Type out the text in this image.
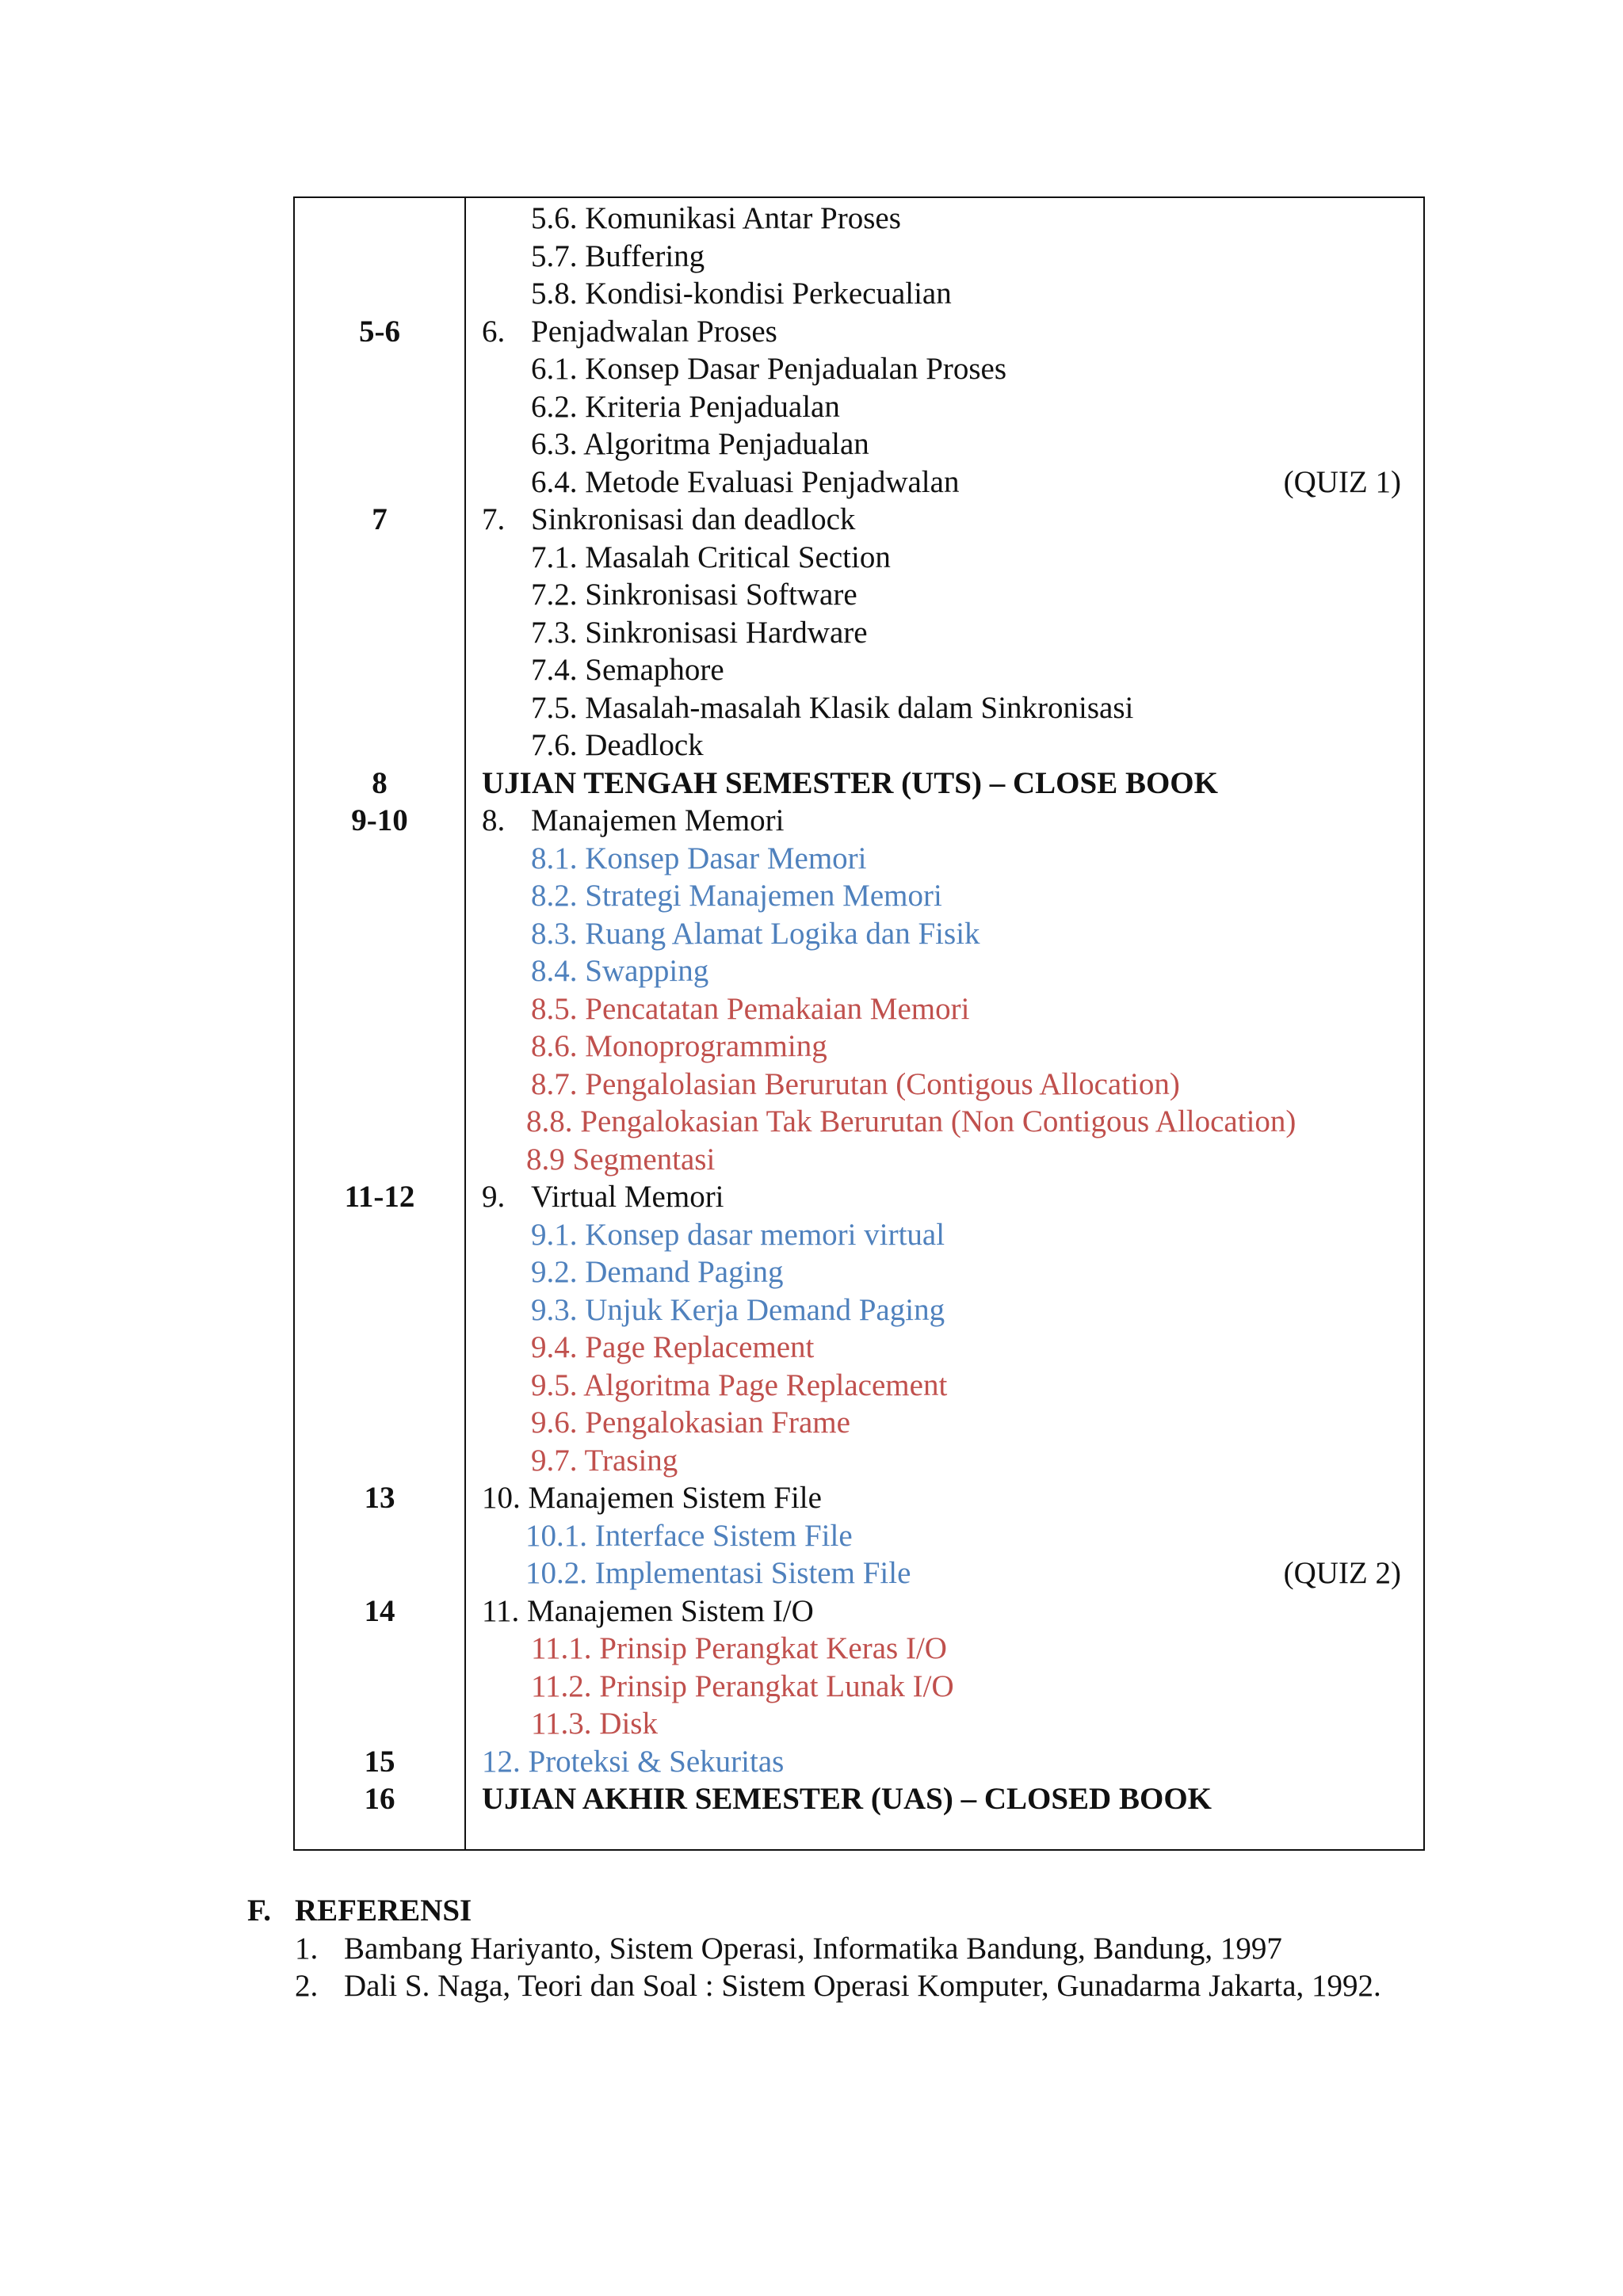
5.6. Komunikasi Antar Proses
5.7. Buffering
5.8. Kondisi-kondisi Perkecualian
5-6	6. Penjadwalan Proses
6.1. Konsep Dasar Penjadualan Proses
6.2. Kriteria Penjadualan
6.3. Algoritma Penjadualan
6.4. Metode Evaluasi Penjadwalan	(QUIZ 1)
7	7. Sinkronisasi dan deadlock
7.1. Masalah Critical Section
7.2. Sinkronisasi Software
7.3. Sinkronisasi Hardware
7.4. Semaphore
7.5. Masalah-masalah Klasik dalam Sinkronisasi
7.6. Deadlock
8	UJIAN TENGAH SEMESTER (UTS) – CLOSE BOOK
9-10	8. Manajemen Memori
8.1. Konsep Dasar Memori
8.2. Strategi Manajemen Memori
8.3. Ruang Alamat Logika dan Fisik
8.4. Swapping
8.5. Pencatatan Pemakaian Memori
8.6. Monoprogramming
8.7. Pengalolasian Berurutan (Contigous Allocation)
8.8. Pengalokasian Tak Berurutan (Non Contigous Allocation)
8.9 Segmentasi
11-12	9. Virtual Memori
9.1. Konsep dasar memori virtual
9.2. Demand Paging
9.3. Unjuk Kerja Demand Paging
9.4. Page Replacement
9.5. Algoritma Page Replacement
9.6. Pengalokasian Frame
9.7. Trasing
13	10. Manajemen Sistem File
10.1. Interface Sistem File
10.2. Implementasi Sistem File	(QUIZ 2)
14	11. Manajemen Sistem I/O
11.1. Prinsip Perangkat Keras I/O
11.2. Prinsip Perangkat Lunak I/O
11.3. Disk
15	12. Proteksi & Sekuritas
16	UJIAN AKHIR SEMESTER (UAS) – CLOSED BOOK
F. REFERENSI
1. Bambang Hariyanto, Sistem Operasi, Informatika Bandung, Bandung, 1997
2. Dali S. Naga, Teori dan Soal : Sistem Operasi Komputer, Gunadarma Jakarta, 1992.
